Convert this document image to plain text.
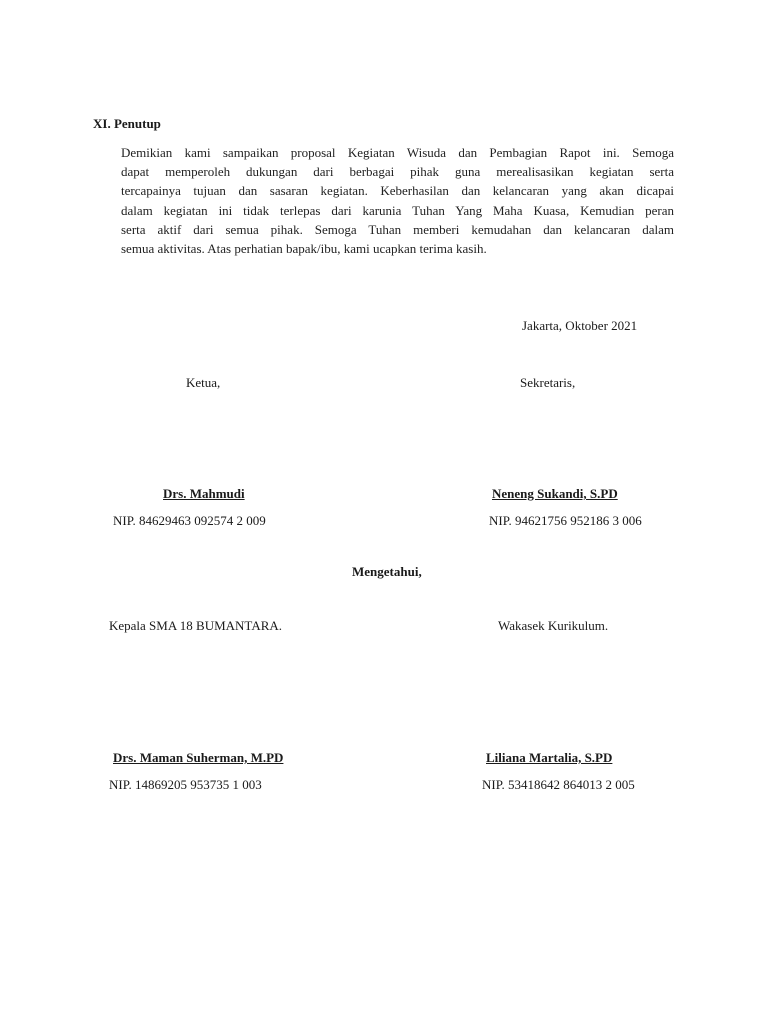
XI. Penutup
Demikian kami sampaikan proposal Kegiatan Wisuda dan Pembagian Rapot ini. Semoga
dapat memperoleh dukungan dari berbagai pihak guna merealisasikan kegiatan serta
tercapainya tujuan dan sasaran kegiatan. Keberhasilan dan kelancaran yang akan dicapai
dalam kegiatan ini tidak terlepas dari karunia Tuhan Yang Maha Kuasa, Kemudian peran
serta aktif dari semua pihak. Semoga Tuhan memberi kemudahan dan kelancaran dalam
semua aktivitas. Atas perhatian bapak/ibu, kami ucapkan terima kasih.
Jakarta, Oktober 2021
Ketua,	Sekretaris,
Drs. Mahmudi	Neneng Sukandi, S.PD
NIP. 84629463 092574 2 009	NIP. 94621756 952186 3 006
Mengetahui,
Kepala SMA 18 BUMANTARA.	Wakasek Kurikulum.
Drs. Maman Suherman, M.PD	Liliana Martalia, S.PD
NIP. 14869205 953735 1 003	NIP. 53418642 864013 2 005
